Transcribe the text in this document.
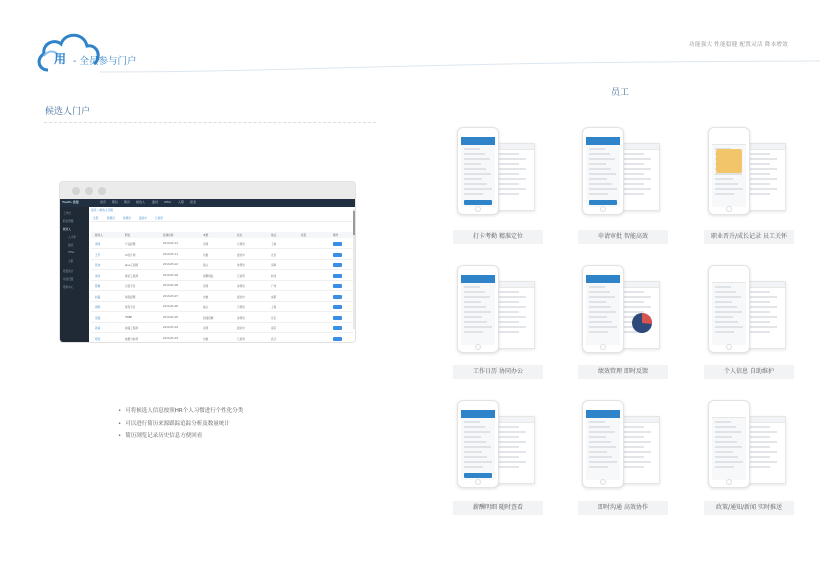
用 - 全员参与门户
功能强大 性能稳健 配置灵活 降本增效
候选人门户
工作台
职位管理
候选人
人才库
面试
Offer
入职
报表统计
系统设置
帮助中心
Youfu 优服	首页 职位 简历 候选人 面试 Offer 入职 报表
首页 / 候选人列表
全部	新简历	待筛选	面试中	已录用
候选人	职位	投递时间	来源	状态	地点	标签	操作
李明	产品经理	2019-05-12	官网	已筛选	上海
王芳	UI设计师	2019-05-11	内推	面试中	北京
张伟	Java工程师	2019-05-10	猎头	待筛选	深圳
刘洋	测试工程师	2019-05-09	招聘网站	已录用	杭州
陈静	运营专员	2019-05-08	官网	待筛选	广州
赵磊	销售经理	2019-05-07	内推	面试中	成都
周婷	财务专员	2019-05-06	猎头	已筛选	上海
吴强	HRBP	2019-05-05	校园招聘	待筛选	北京
孙丽	前端工程师	2019-05-04	官网	面试中	南京
郑浩	数据分析师	2019-05-03	内推	已录用	武汉
• 可将候选人信息按照HR个人习惯进行个性化分类
• 可以进行简历来源跟踪追踪分析及数量统计
• 简历浏览记录历史信息方便回看
员工
打卡考勤 精准定位	申请审批 智能高效	职业晋升/成长记录 员工关怀
工作日历 协同办公	绩效管理 即时反馈	个人信息 自助维护
薪酬明细 随时查看	即时沟通 高效协作	政策/通知/新闻 实时推送
